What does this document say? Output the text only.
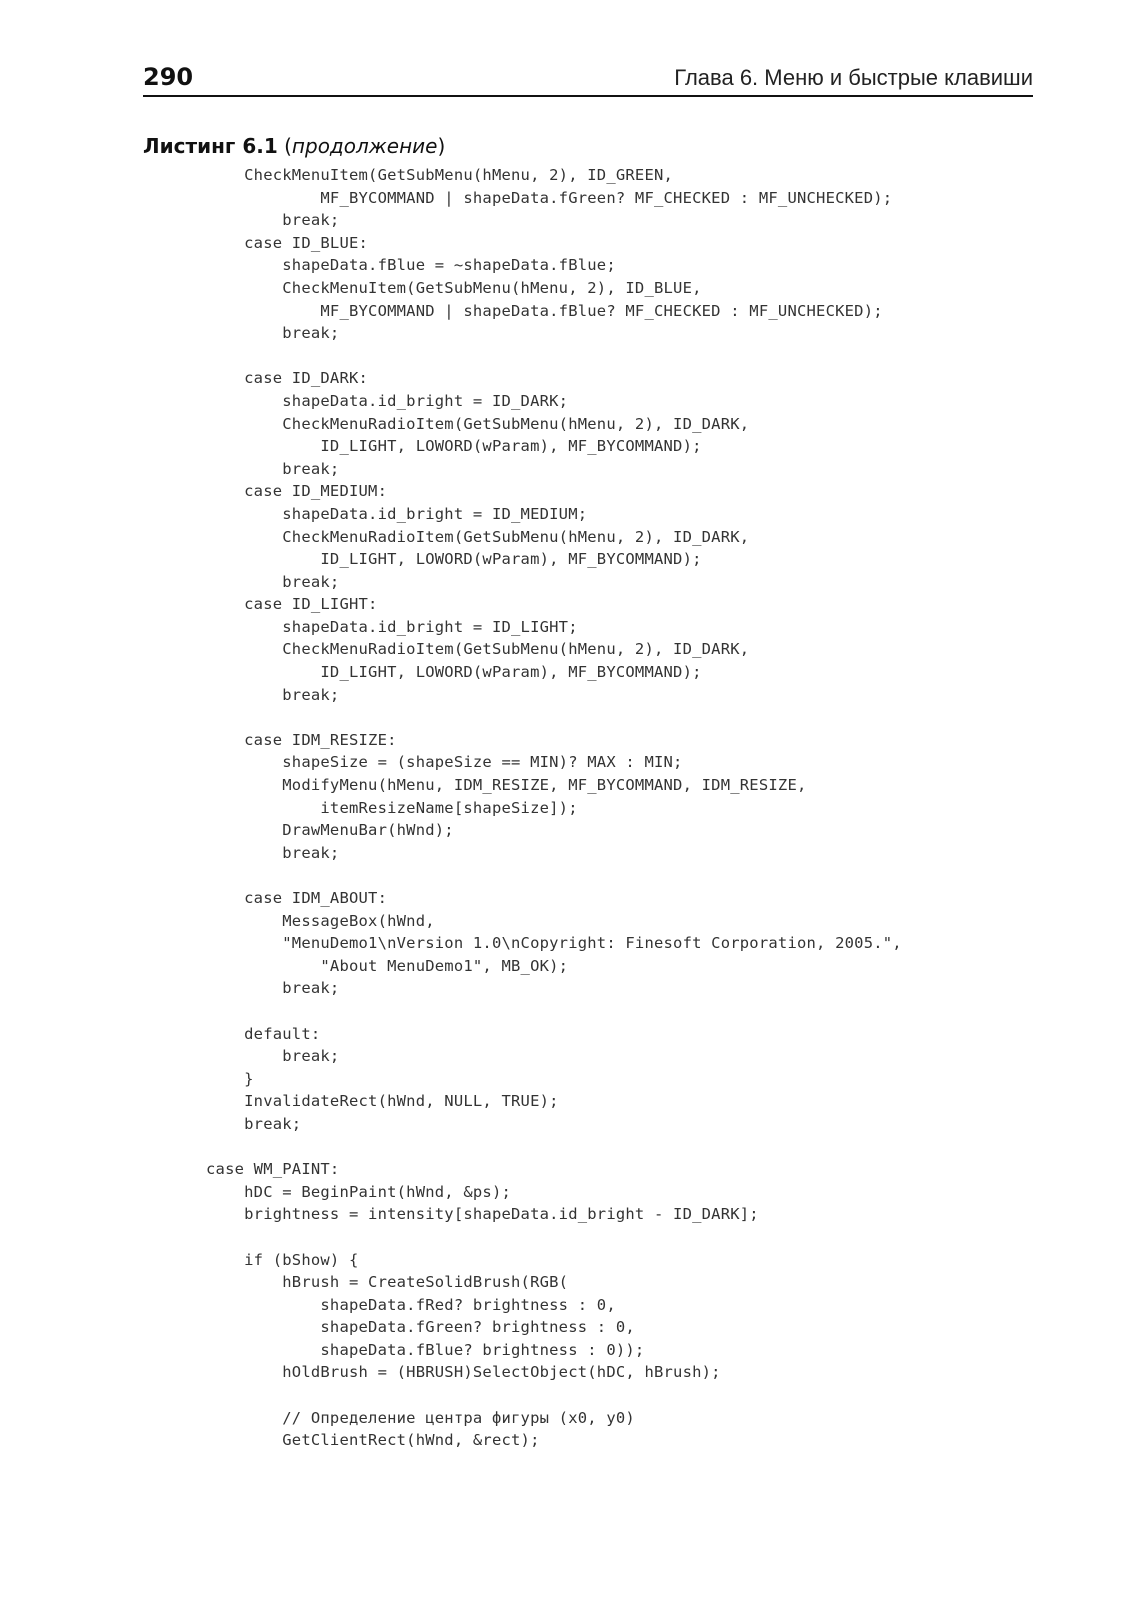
290	Глава 6. Меню и быстрые клавиши
Листинг 6.1 (продолжение)
CheckMenuItem(GetSubMenu(hMenu, 2), ID_GREEN,
MF_BYCOMMAND | shapeData.fGreen? MF_CHECKED : MF_UNCHECKED);
break;
case ID_BLUE:
shapeData.fBlue = ~shapeData.fBlue;
CheckMenuItem(GetSubMenu(hMenu, 2), ID_BLUE,
MF_BYCOMMAND | shapeData.fBlue? MF_CHECKED : MF_UNCHECKED);
break;
case ID_DARK:
shapeData.id_bright = ID_DARK;
CheckMenuRadioItem(GetSubMenu(hMenu, 2), ID_DARK,
ID_LIGHT, LOWORD(wParam), MF_BYCOMMAND);
break;
case ID_MEDIUM:
shapeData.id_bright = ID_MEDIUM;
CheckMenuRadioItem(GetSubMenu(hMenu, 2), ID_DARK,
ID_LIGHT, LOWORD(wParam), MF_BYCOMMAND);
break;
case ID_LIGHT:
shapeData.id_bright = ID_LIGHT;
CheckMenuRadioItem(GetSubMenu(hMenu, 2), ID_DARK,
ID_LIGHT, LOWORD(wParam), MF_BYCOMMAND);
break;
case IDM_RESIZE:
shapeSize = (shapeSize == MIN)? MAX : MIN;
ModifyMenu(hMenu, IDM_RESIZE, MF_BYCOMMAND, IDM_RESIZE,
itemResizeName[shapeSize]);
DrawMenuBar(hWnd);
break;
case IDM_ABOUT:
MessageBox(hWnd,
"MenuDemo1\nVersion 1.0\nCopyright: Finesoft Corporation, 2005.",
"About MenuDemo1", MB_OK);
break;
default:
break;
}
InvalidateRect(hWnd, NULL, TRUE);
break;
case WM_PAINT:
hDC = BeginPaint(hWnd, &ps);
brightness = intensity[shapeData.id_bright - ID_DARK];
if (bShow) {
hBrush = CreateSolidBrush(RGB(
shapeData.fRed? brightness : 0,
shapeData.fGreen? brightness : 0,
shapeData.fBlue? brightness : 0));
hOldBrush = (HBRUSH)SelectObject(hDC, hBrush);
// Определение центра фигуры (x0, y0)
GetClientRect(hWnd, &rect);
